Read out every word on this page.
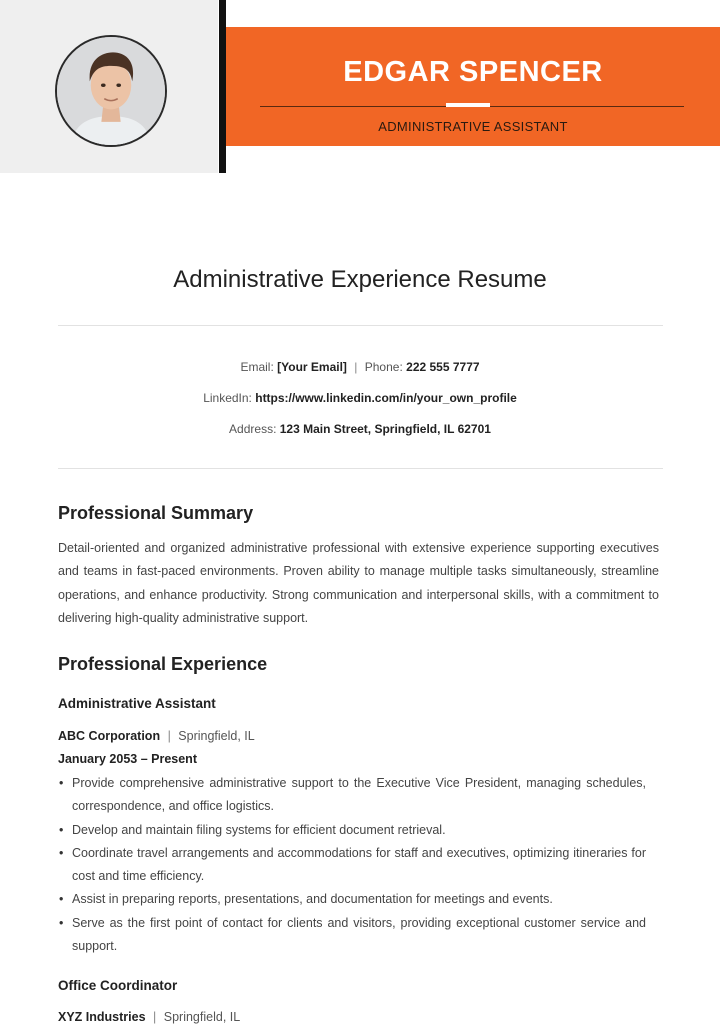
EDGAR SPENCER
ADMINISTRATIVE ASSISTANT
Administrative Experience Resume
Email: [Your Email] | Phone: 222 555 7777
LinkedIn: https://www.linkedin.com/in/your_own_profile
Address: 123 Main Street, Springfield, IL 62701
Professional Summary
Detail-oriented and organized administrative professional with extensive experience supporting executives and teams in fast-paced environments. Proven ability to manage multiple tasks simultaneously, streamline operations, and enhance productivity. Strong communication and interpersonal skills, with a commitment to delivering high-quality administrative support.
Professional Experience
Administrative Assistant
ABC Corporation | Springfield, IL
January 2053 – Present
• Provide comprehensive administrative support to the Executive Vice President, managing schedules, correspondence, and office logistics.
• Develop and maintain filing systems for efficient document retrieval.
• Coordinate travel arrangements and accommodations for staff and executives, optimizing itineraries for cost and time efficiency.
• Assist in preparing reports, presentations, and documentation for meetings and events.
• Serve as the first point of contact for clients and visitors, providing exceptional customer service and support.
Office Coordinator
XYZ Industries | Springfield, IL
